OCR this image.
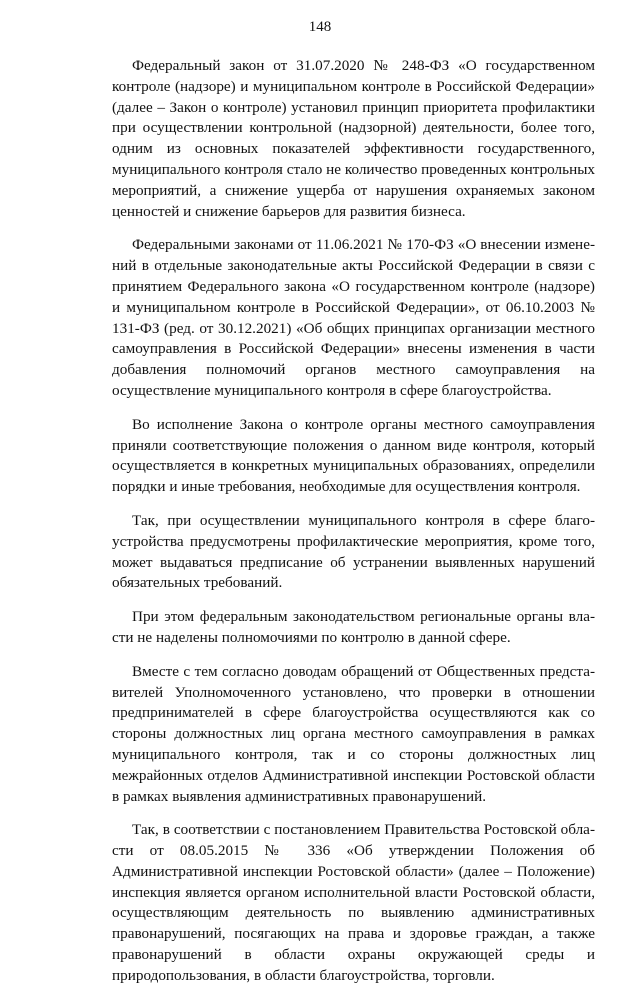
148

Федеральный закон от 31.07.2020 № 248-ФЗ «О государственном контроле (надзоре) и муниципальном контроле в Российской Федерации» (далее – Закон о контроле) установил принцип приоритета профилактики при осуществлении контрольной (надзорной) деятельности, более того, одним из основных показателей эффективности государственного, муниципального контроля стало не количество проведенных контрольных мероприятий, а снижение ущерба от нарушения охраняемых законом ценностей и снижение барьеров для развития бизнеса.

Федеральными законами от 11.06.2021 № 170-ФЗ «О внесении изменений в отдельные законодательные акты Российской Федерации в связи с принятием Федерального закона «О государственном контроле (надзоре) и муниципальном контроле в Российской Федерации», от 06.10.2003 № 131-ФЗ (ред. от 30.12.2021) «Об общих принципах организации местного самоуправления в Российской Федерации» внесены изменения в части добавления полномочий органов местного самоуправления на осуществление муниципального контроля в сфере благоустройства.

Во исполнение Закона о контроле органы местного самоуправления приняли соответствующие положения о данном виде контроля, который осуществляется в конкретных муниципальных образованиях, определили порядки и иные требования, необходимые для осуществления контроля.

Так, при осуществлении муниципального контроля в сфере благоустройства предусмотрены профилактические мероприятия, кроме того, может выдаваться предписание об устранении выявленных нарушений обязательных требований.

При этом федеральным законодательством региональные органы власти не наделены полномочиями по контролю в данной сфере.

Вместе с тем согласно доводам обращений от Общественных представителей Уполномоченного установлено, что проверки в отношении предпринимателей в сфере благоустройства осуществляются как со стороны должностных лиц органа местного самоуправления в рамках муниципального контроля, так и со стороны должностных лиц межрайонных отделов Административной инспекции Ростовской области в рамках выявления административных правонарушений.

Так, в соответствии с постановлением Правительства Ростовской области от 08.05.2015 № 336 «Об утверждении Положения об Административной инспекции Ростовской области» (далее – Положение) инспекция является органом исполнительной власти Ростовской области, осуществляющим деятельность по выявлению административных правонарушений, посягающих на права и здоровье граждан, а также правонарушений в области охраны окружающей среды и природопользования, в области благоустройства, торговли.
